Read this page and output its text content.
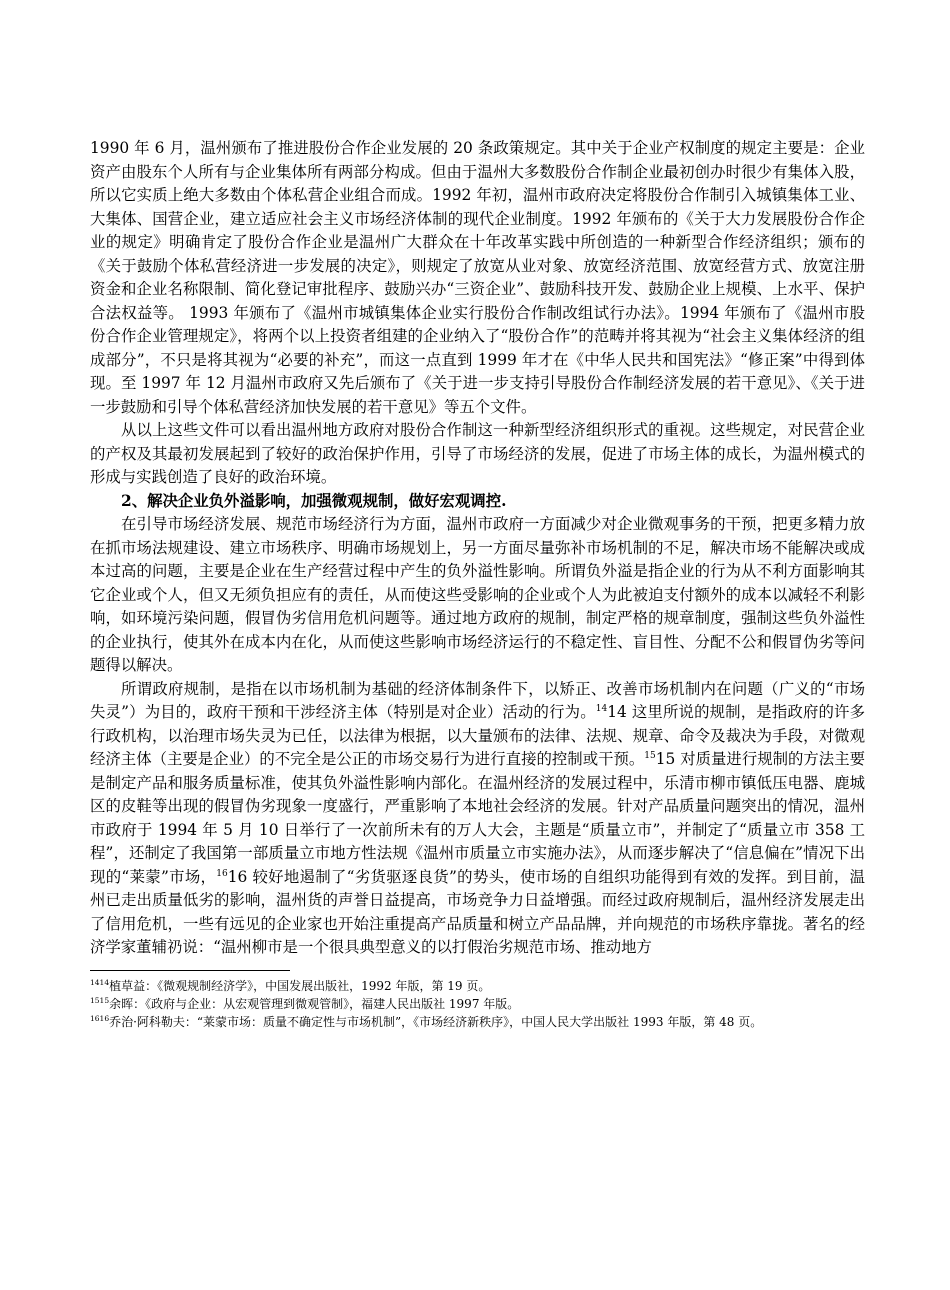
1990 年 6 月，温州颁布了推进股份合作企业发展的 20 条政策规定。其中关于企业产权制度的规定主要是：企业资产由股东个人所有与企业集体所有两部分构成。但由于温州大多数股份合作制企业最初创办时很少有集体入股，所以它实质上绝大多数由个体私营企业组合而成。1992 年初，温州市政府决定将股份合作制引入城镇集体工业、大集体、国营企业，建立适应社会主义市场经济体制的现代企业制度。1992 年颁布的《关于大力发展股份合作企业的规定》明确肯定了股份合作企业是温州广大群众在十年改革实践中所创造的一种新型合作经济组织；颁布的《关于鼓励个体私营经济进一步发展的决定》，则规定了放宽从业对象、放宽经济范围、放宽经营方式、放宽注册资金和企业名称限制、简化登记审批程序、鼓励兴办“三资企业”、鼓励科技开发、鼓励企业上规模、上水平、保护合法权益等。 1993 年颁布了《温州市城镇集体企业实行股份合作制改组试行办法》。1994 年颁布了《温州市股份合作企业管理规定》，将两个以上投资者组建的企业纳入了“股份合作”的范畴并将其视为“社会主义集体经济的组成部分”，不只是将其视为“必要的补充”，而这一点直到 1999 年才在《中华人民共和国宪法》“修正案”中得到体现。至 1997 年 12 月温州市政府又先后颁布了《关于进一步支持引导股份合作制经济发展的若干意见》、《关于进一步鼓励和引导个体私营经济加快发展的若干意见》等五个文件。

从以上这些文件可以看出温州地方政府对股份合作制这一种新型经济组织形式的重视。这些规定，对民营企业的产权及其最初发展起到了较好的政治保护作用，引导了市场经济的发展，促进了市场主体的成长，为温州模式的形成与实践创造了良好的政治环境。

2、解决企业负外溢影响，加强微观规制，做好宏观调控.

在引导市场经济发展、规范市场经济行为方面，温州市政府一方面减少对企业微观事务的干预，把更多精力放在抓市场法规建设、建立市场秩序、明确市场规划上，另一方面尽量弥补市场机制的不足，解决市场不能解决或成本过高的问题，主要是企业在生产经营过程中产生的负外溢性影响。所谓负外溢是指企业的行为从不利方面影响其它企业或个人，但又无须负担应有的责任，从而使这些受影响的企业或个人为此被迫支付额外的成本以减轻不利影响，如环境污染问题，假冒伪劣信用危机问题等。通过地方政府的规制，制定严格的规章制度，强制这些负外溢性的企业执行，使其外在成本内在化，从而使这些影响市场经济运行的不稳定性、盲目性、分配不公和假冒伪劣等问题得以解决。

所谓政府规制，是指在以市场机制为基础的经济体制条件下，以矫正、改善市场机制内在问题（广义的“市场失灵”）为目的，政府干预和干涉经济主体（特别是对企业）活动的行为。$^{14}$14 这里所说的规制，是指政府的许多行政机构，以治理市场失灵为已任，以法律为根据，以大量颁布的法律、法规、规章、命令及裁决为手段，对微观经济主体（主要是企业）的不完全是公正的市场交易行为进行直接的控制或干预。$^{15}$15 对质量进行规制的方法主要是制定产品和服务质量标准，使其负外溢性影响内部化。在温州经济的发展过程中，乐清市柳市镇低压电器、鹿城区的皮鞋等出现的假冒伪劣现象一度盛行，严重影响了本地社会经济的发展。针对产品质量问题突出的情况，温州市政府于 1994 年 5 月 10 日举行了一次前所未有的万人大会，主题是“质量立市”，并制定了“质量立市 358 工程”，还制定了我国第一部质量立市地方性法规《温州市质量立市实施办法》，从而逐步解决了“信息偏在”情况下出现的“莱蒙”市场，$^{16}$16 较好地遏制了“劣货驱逐良货”的势头，使市场的自组织功能得到有效的发挥。到目前，温州已走出质量低劣的影响，温州货的声誉日益提高，市场竞争力日益增强。而经过政府规制后，温州经济发展走出了信用危机，一些有远见的企业家也开始注重提高产品质量和树立产品品牌，并向规范的市场秩序靠拢。著名的经济学家董辅礽说：“温州柳市是一个很具典型意义的以打假治劣规范市场、推动地方

$^{1414}$植草益：《微观规制经济学》，中国发展出版社，1992 年版，第 19 页。

$^{1515}$余晖：《政府与企业：从宏观管理到微观管制》，福建人民出版社 1997 年版。

$^{1616}$乔治·阿科勒夫：“莱蒙市场：质量不确定性与市场机制”，《市场经济新秩序》，中国人民大学出版社 1993 年版，第 48 页。
